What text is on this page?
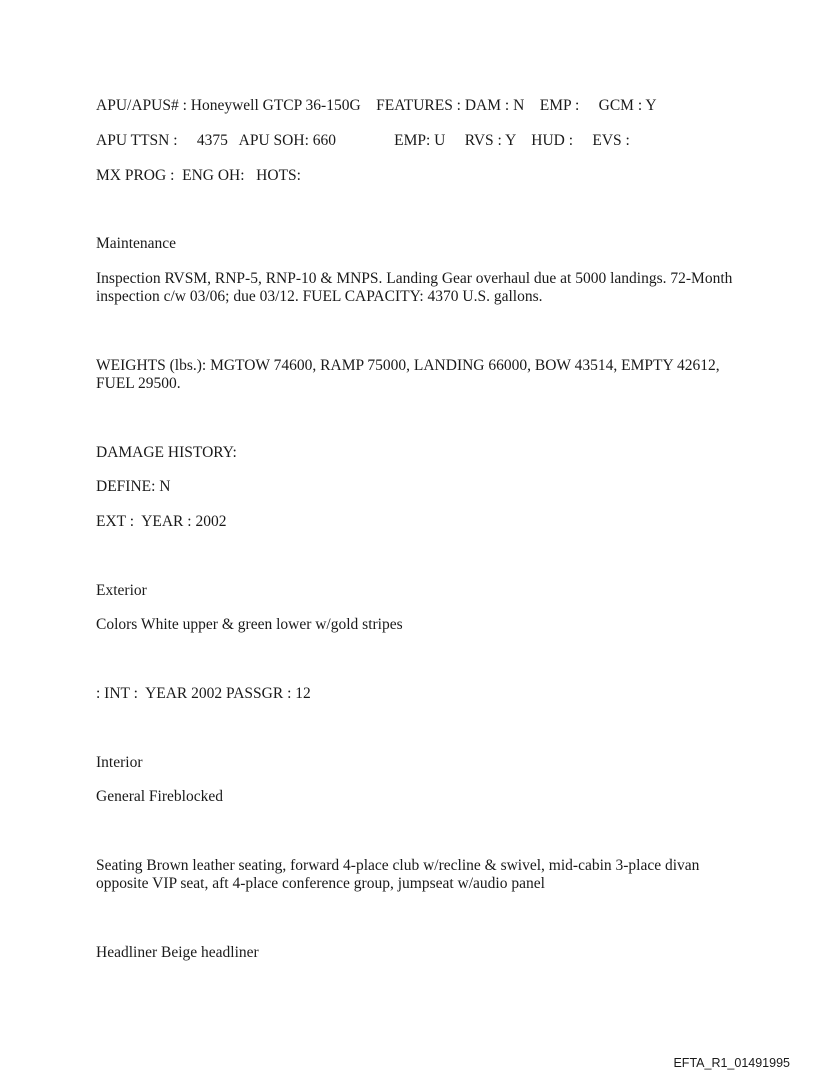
APU/APUS# : Honeywell GTCP 36-150G    FEATURES : DAM : N    EMP :     GCM : Y

APU TTSN :     4375   APU SOH: 660               EMP: U     RVS : Y    HUD :     EVS :

MX PROG :  ENG OH:   HOTS:

Maintenance

Inspection RVSM, RNP-5, RNP-10 & MNPS. Landing Gear overhaul due at 5000 landings. 72-Month inspection c/w 03/06; due 03/12. FUEL CAPACITY: 4370 U.S. gallons.

WEIGHTS (lbs.): MGTOW 74600, RAMP 75000, LANDING 66000, BOW 43514, EMPTY 42612, FUEL 29500.

DAMAGE HISTORY:

DEFINE: N

EXT :  YEAR : 2002

Exterior

Colors White upper & green lower w/gold stripes

: INT :  YEAR 2002 PASSGR : 12

Interior

General Fireblocked

Seating Brown leather seating, forward 4-place club w/recline & swivel, mid-cabin 3-place divan opposite VIP seat, aft 4-place conference group, jumpseat w/audio panel

Headliner Beige headliner

EFTA_R1_01491995
